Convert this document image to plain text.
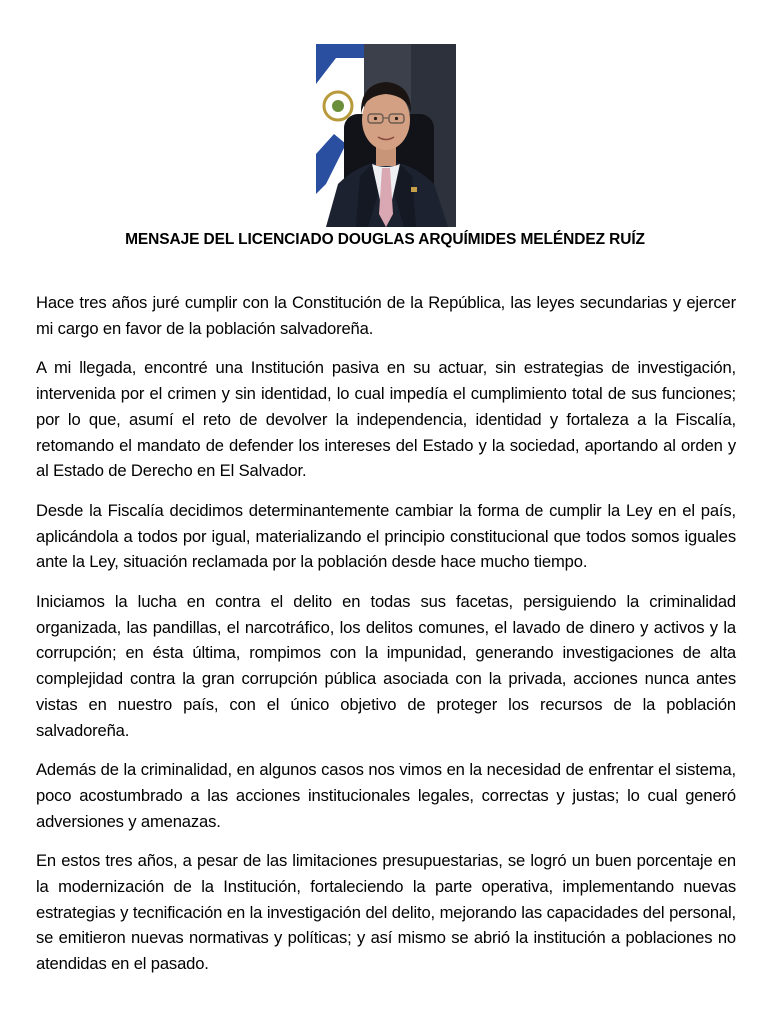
MENSAJE DEL LICENCIADO DOUGLAS ARQUÍMIDES MELÉNDEZ RUÍZ

Hace tres años juré cumplir con la Constitución de la República, las leyes secundarias y ejercer mi cargo en favor de la población salvadoreña.

A mi llegada, encontré una Institución pasiva en su actuar, sin estrategias de investigación, intervenida por el crimen y sin identidad, lo cual impedía el cumplimiento total de sus funciones; por lo que, asumí el reto de devolver la independencia, identidad y fortaleza a la Fiscalía, retomando el mandato de defender los intereses del Estado y la sociedad, aportando al orden y al Estado de Derecho en El Salvador.

Desde la Fiscalía decidimos determinantemente cambiar la forma de cumplir la Ley en el país, aplicándola a todos por igual, materializando el principio constitucional que todos somos iguales ante la Ley, situación reclamada por la población desde hace mucho tiempo.

Iniciamos la lucha en contra el delito en todas sus facetas, persiguiendo la criminalidad organizada, las pandillas, el narcotráfico, los delitos comunes, el lavado de dinero y activos y la corrupción; en ésta última, rompimos con la impunidad, generando investigaciones de alta complejidad contra la gran corrupción pública asociada con la privada, acciones nunca antes vistas en nuestro país, con el único objetivo de proteger los recursos de la población salvadoreña.

Además de la criminalidad, en algunos casos nos vimos en la necesidad de enfrentar el sistema, poco acostumbrado a las acciones institucionales legales, correctas y justas; lo cual generó adversiones y amenazas.

En estos tres años, a pesar de las limitaciones presupuestarias, se logró un buen porcentaje en la modernización de la Institución, fortaleciendo la parte operativa, implementando nuevas estrategias y tecnificación en la investigación del delito, mejorando las capacidades del personal, se emitieron nuevas normativas y políticas; y así mismo se abrió la institución a poblaciones no atendidas en el pasado.
